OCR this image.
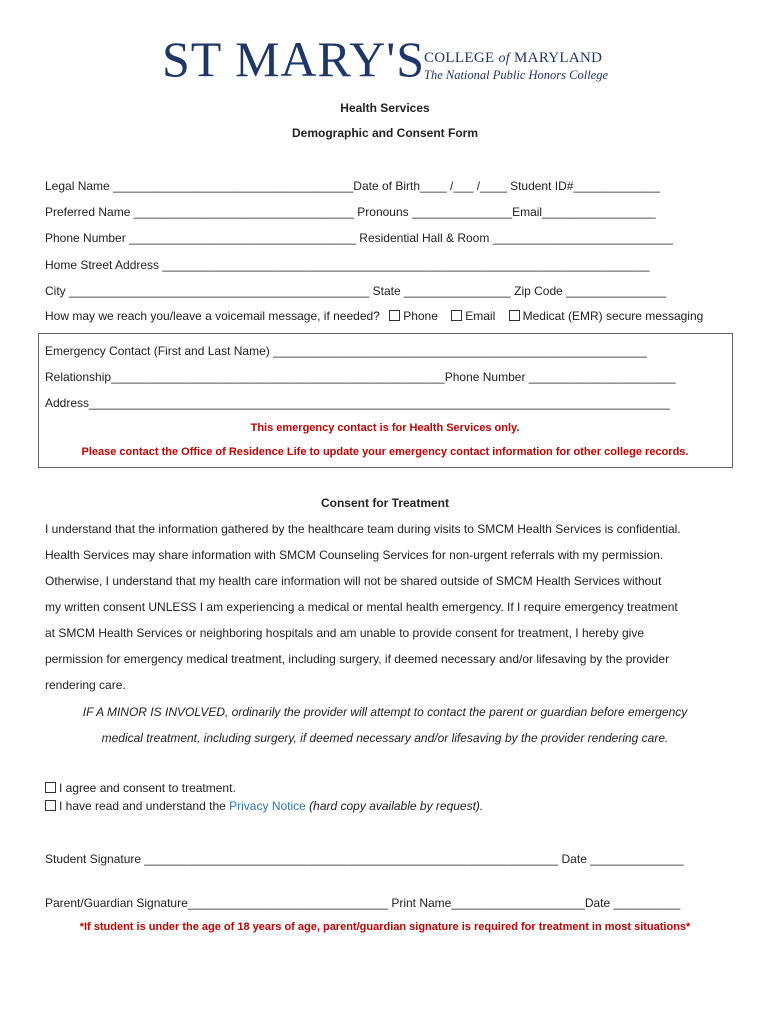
ST MARY'S
COLLEGE of MARYLAND
The National Public Honors College
Health Services
Demographic and Consent Form
Legal Name ____________________________________Date of Birth____ /___ /____ Student ID#_____________
Preferred Name _________________________________ Pronouns _______________Email_________________
Phone Number __________________________________ Residential Hall & Room ___________________________
Home Street Address _________________________________________________________________________
City _____________________________________________ State ________________ Zip Code _______________
How may we reach you/leave a voicemail message, if needed? Phone Email Medicat (EMR) secure messaging
Emergency Contact (First and Last Name) ________________________________________________________
Relationship__________________________________________________Phone Number ______________________
Address_______________________________________________________________________________________
This emergency contact is for Health Services only.
Please contact the Office of Residence Life to update your emergency contact information for other college records.
Consent for Treatment
I understand that the information gathered by the healthcare team during visits to SMCM Health Services is confidential.
Health Services may share information with SMCM Counseling Services for non-urgent referrals with my permission.
Otherwise, I understand that my health care information will not be shared outside of SMCM Health Services without
my written consent UNLESS I am experiencing a medical or mental health emergency. If I require emergency treatment
at SMCM Health Services or neighboring hospitals and am unable to provide consent for treatment, I hereby give
permission for emergency medical treatment, including surgery, if deemed necessary and/or lifesaving by the provider
rendering care.
IF A MINOR IS INVOLVED, ordinarily the provider will attempt to contact the parent or guardian before emergency
medical treatment, including surgery, if deemed necessary and/or lifesaving by the provider rendering care.
I agree and consent to treatment.
I have read and understand the Privacy Notice (hard copy available by request).
Student Signature ______________________________________________________________ Date ______________
Parent/Guardian Signature______________________________ Print Name____________________Date __________
*If student is under the age of 18 years of age, parent/guardian signature is required for treatment in most situations*
